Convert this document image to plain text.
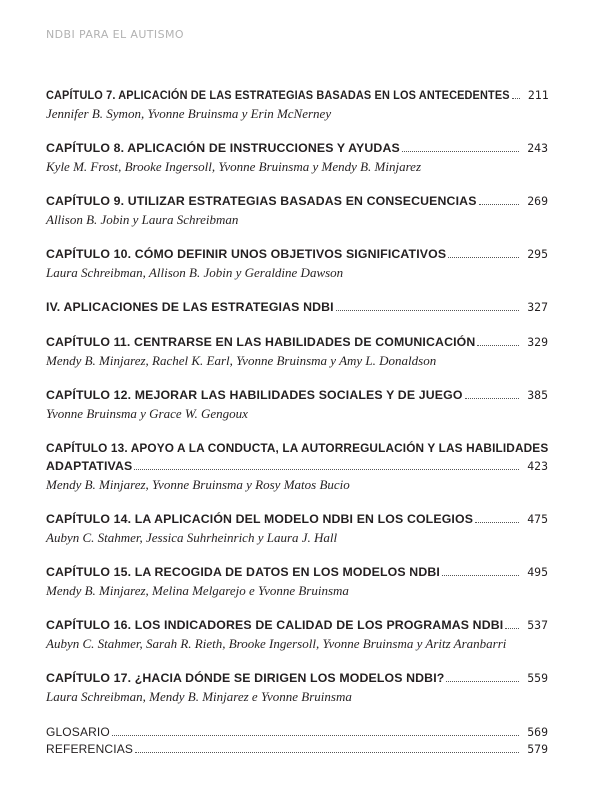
NDBI PARA EL AUTISMO
CAPÍTULO 7. APLICACIÓN DE LAS ESTRATEGIAS BASADAS EN LOS ANTECEDENTES	211
Jennifer B. Symon, Yvonne Bruinsma y Erin McNerney
CAPÍTULO 8. APLICACIÓN DE INSTRUCCIONES Y AYUDAS	243
Kyle M. Frost, Brooke Ingersoll, Yvonne Bruinsma y Mendy B. Minjarez
CAPÍTULO 9. UTILIZAR ESTRATEGIAS BASADAS EN CONSECUENCIAS	269
Allison B. Jobin y Laura Schreibman
CAPÍTULO 10. CÓMO DEFINIR UNOS OBJETIVOS SIGNIFICATIVOS	295
Laura Schreibman, Allison B. Jobin y Geraldine Dawson
IV. APLICACIONES DE LAS ESTRATEGIAS NDBI	327
CAPÍTULO 11. CENTRARSE EN LAS HABILIDADES DE COMUNICACIÓN	329
Mendy B. Minjarez, Rachel K. Earl, Yvonne Bruinsma y Amy L. Donaldson
CAPÍTULO 12. MEJORAR LAS HABILIDADES SOCIALES Y DE JUEGO	385
Yvonne Bruinsma y Grace W. Gengoux
CAPÍTULO 13. APOYO A LA CONDUCTA, LA AUTORREGULACIÓN Y LAS HABILIDADES
ADAPTATIVAS	423
Mendy B. Minjarez, Yvonne Bruinsma y Rosy Matos Bucio
CAPÍTULO 14. LA APLICACIÓN DEL MODELO NDBI EN LOS COLEGIOS	475
Aubyn C. Stahmer, Jessica Suhrheinrich y Laura J. Hall
CAPÍTULO 15. LA RECOGIDA DE DATOS EN LOS MODELOS NDBI	495
Mendy B. Minjarez, Melina Melgarejo e Yvonne Bruinsma
CAPÍTULO 16. LOS INDICADORES DE CALIDAD DE LOS PROGRAMAS NDBI	537
Aubyn C. Stahmer, Sarah R. Rieth, Brooke Ingersoll, Yvonne Bruinsma y Aritz Aranbarri
CAPÍTULO 17. ¿HACIA DÓNDE SE DIRIGEN LOS MODELOS NDBI?	559
Laura Schreibman, Mendy B. Minjarez e Yvonne Bruinsma
GLOSARIO	569
REFERENCIAS	579
